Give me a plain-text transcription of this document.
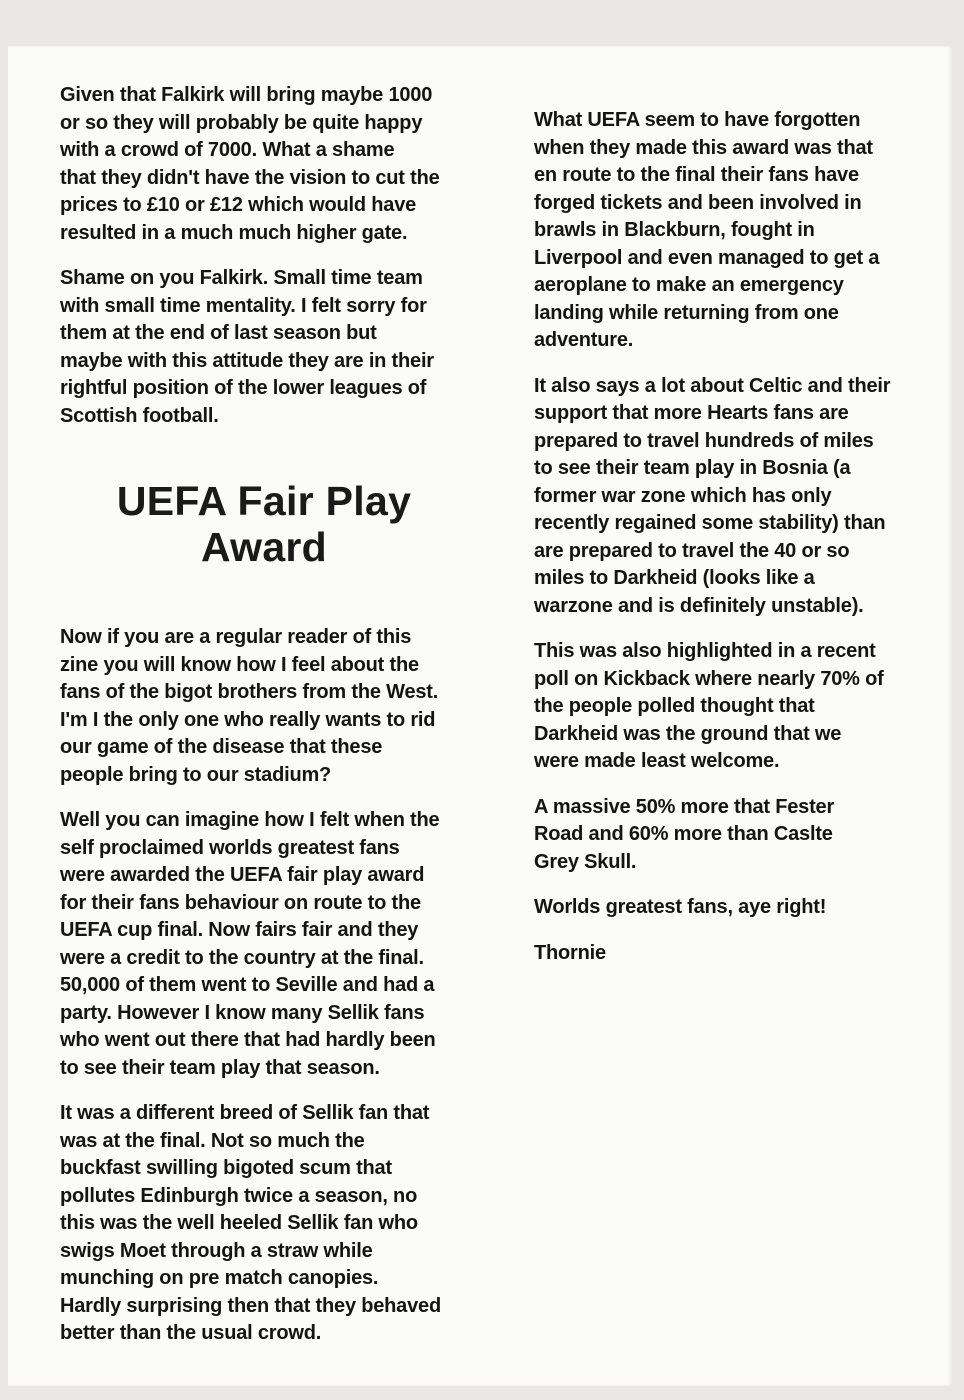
Given that Falkirk will bring maybe 1000
or so they will probably be quite happy
with a crowd of 7000. What a shame
that they didn't have the vision to cut the
prices to £10 or £12 which would have
resulted in a much much higher gate.

Shame on you Falkirk. Small time team
with small time mentality. I felt sorry for
them at the end of last season but
maybe with this attitude they are in their
rightful position of the lower leagues of
Scottish football.

UEFA Fair Play
Award

Now if you are a regular reader of this
zine you will know how I feel about the
fans of the bigot brothers from the West.
I'm I the only one who really wants to rid
our game of the disease that these
people bring to our stadium?

Well you can imagine how I felt when the
self proclaimed worlds greatest fans
were awarded the UEFA fair play award
for their fans behaviour on route to the
UEFA cup final. Now fairs fair and they
were a credit to the country at the final.
50,000 of them went to Seville and had a
party. However I know many Sellik fans
who went out there that had hardly been
to see their team play that season.

It was a different breed of Sellik fan that
was at the final. Not so much the
buckfast swilling bigoted scum that
pollutes Edinburgh twice a season, no
this was the well heeled Sellik fan who
swigs Moet through a straw while
munching on pre match canopies.
Hardly surprising then that they behaved
better than the usual crowd.

What UEFA seem to have forgotten
when they made this award was that
en route to the final their fans have
forged tickets and been involved in
brawls in Blackburn, fought in
Liverpool and even managed to get a
aeroplane to make an emergency
landing while returning from one
adventure.

It also says a lot about Celtic and their
support that more Hearts fans are
prepared to travel hundreds of miles
to see their team play in Bosnia (a
former war zone which has only
recently regained some stability) than
are prepared to travel the 40 or so
miles to Darkheid (looks like a
warzone and is definitely unstable).

This was also highlighted in a recent
poll on Kickback where nearly 70% of
the people polled thought that
Darkheid was the ground that we
were made least welcome.

A massive 50% more that Fester
Road and 60% more than Caslte
Grey Skull.

Worlds greatest fans, aye right!

Thornie
